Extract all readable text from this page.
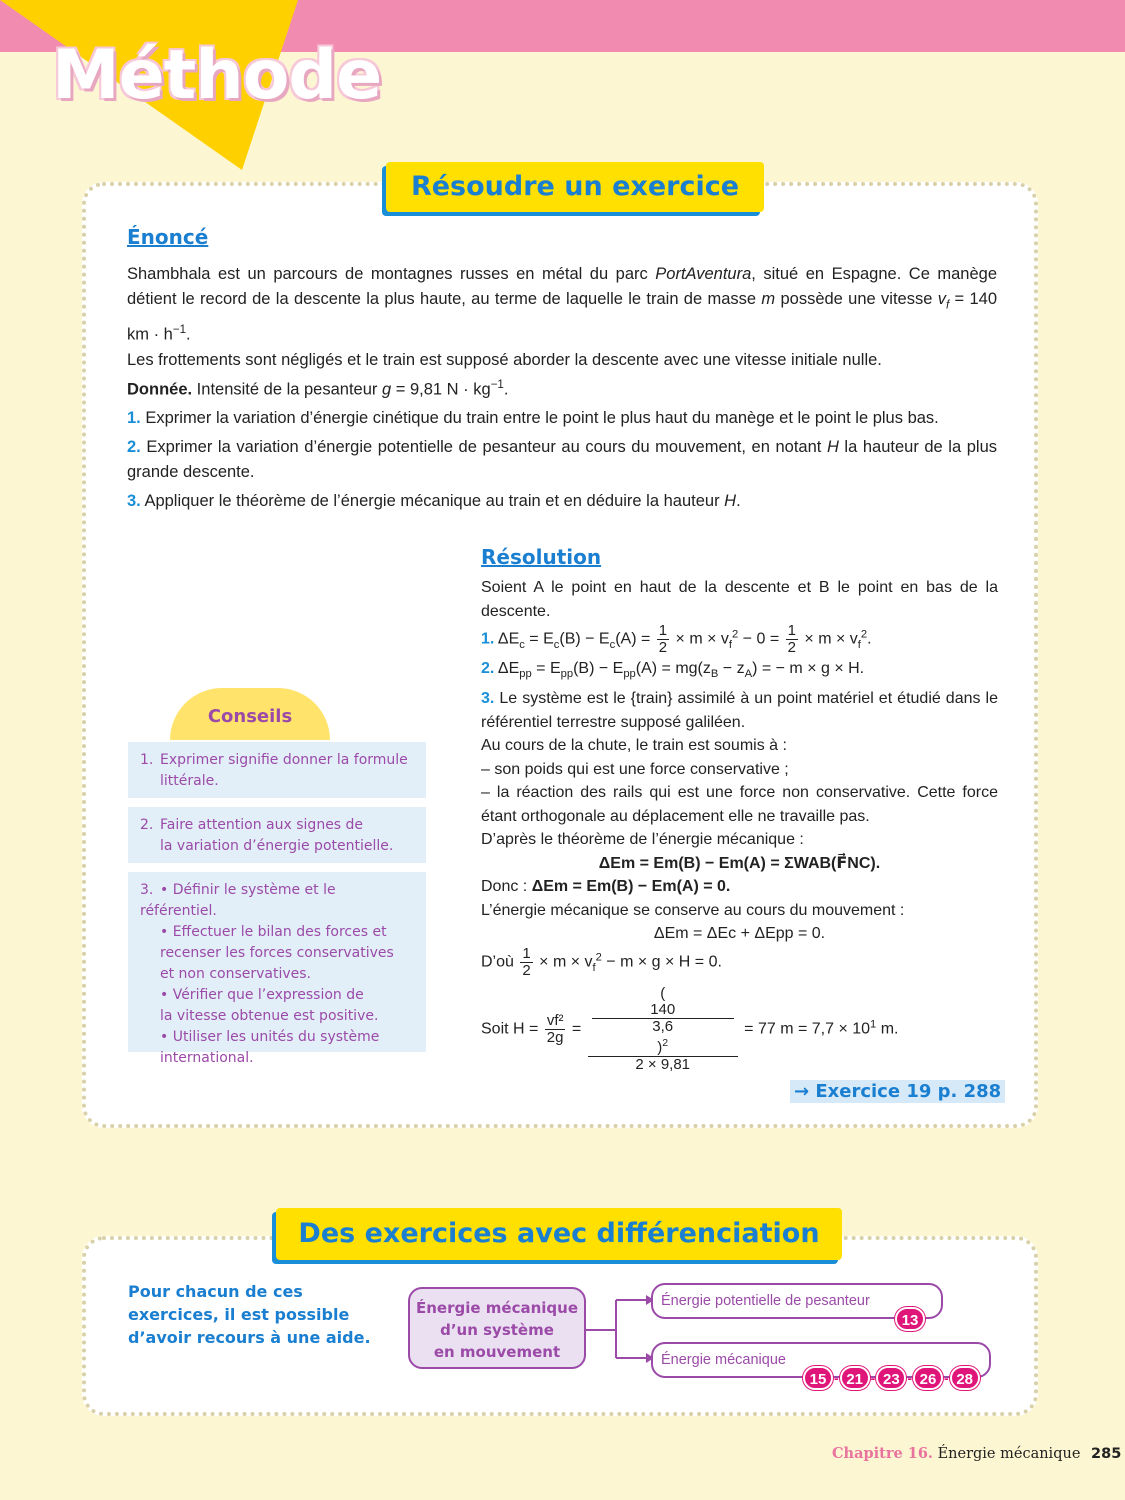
Méthode
Résoudre un exercice
Énoncé

Shambhala est un parcours de montagnes russes en métal du parc PortAventura, situé en Espagne. Ce manège détient le record de la descente la plus haute, au terme de laquelle le train de masse m possède une vitesse $v_f = 140$ km · $h^{-1}$.

Les frottements sont négligés et le train est supposé aborder la descente avec une vitesse initiale nulle.

Donnée. Intensité de la pesanteur g = 9,81 $N \cdot kg^{-1}$.

1. Exprimer la variation d’énergie cinétique du train entre le point le plus haut du manège et le point le plus bas.

2. Exprimer la variation d’énergie potentielle de pesanteur au cours du mouvement, en notant H la hauteur de la plus grande descente.

3. Appliquer le théorème de l’énergie mécanique au train et en déduire la hauteur H.

Résolution

Soient A le point en haut de la descente et B le point en bas de la descente.

1. $\Delta E_c = E_c(B) - E_c(A) = \frac{1}{2} \times m \times v_f^2 - 0 = \frac{1}{2} \times m \times v_f^2$.

2. $\Delta E_{pp} = E_{pp}(B) - E_{pp}(A) = mg(z_B - z_A)$ = − m × g × H.

3. Le système est le {train} assimilé à un point matériel et étudié dans le référentiel terrestre supposé galiléen.

Au cours de la chute, le train est soumis à :

– son poids qui est une force conservative ;

– la réaction des rails qui est une force non conservative. Cette force étant orthogonale au déplacement elle ne travaille pas.

D’après le théorème de l’énergie mécanique :

ΔEm = Em(B) − Em(A) = ΣWAB(F⃗NC).

Donc : ΔEm = Em(B) − Em(A) = 0.

L’énergie mécanique se conserve au cours du mouvement :

ΔEm = ΔEc + ΔEpp = 0.

D’où $\frac{1}{2} \times m \times v_f^2 - m \times g \times H = 0$.

Soit $H = \frac{\text{vf²}}{2g}$ = (
140
3,6
)$^2$
2 × 9,81 = 77 $m = 7,7 \times 10^1$ m.

Conseils
1. Exprimer signifie donner la formule
littérale.
2. Faire attention aux signes de
la variation d’énergie potentielle.
3. • Définir le système et le référentiel.
• Effectuer le bilan des forces et
recenser les forces conservatives
et non conservatives.
• Vérifier que l’expression de
la vitesse obtenue est positive.
• Utiliser les unités du système
international.
→ Exercice 19 p. 288
Des exercices avec différenciation
Pour chacun de ces exercices, il est possible d’avoir recours à une aide.
Énergie mécanique
d’un système
en mouvement
Énergie potentielle de pesanteur
13
Énergie mécanique
15 - 21 - 23 - 26 - 28
Chapitre 16. Énergie mécanique 285
